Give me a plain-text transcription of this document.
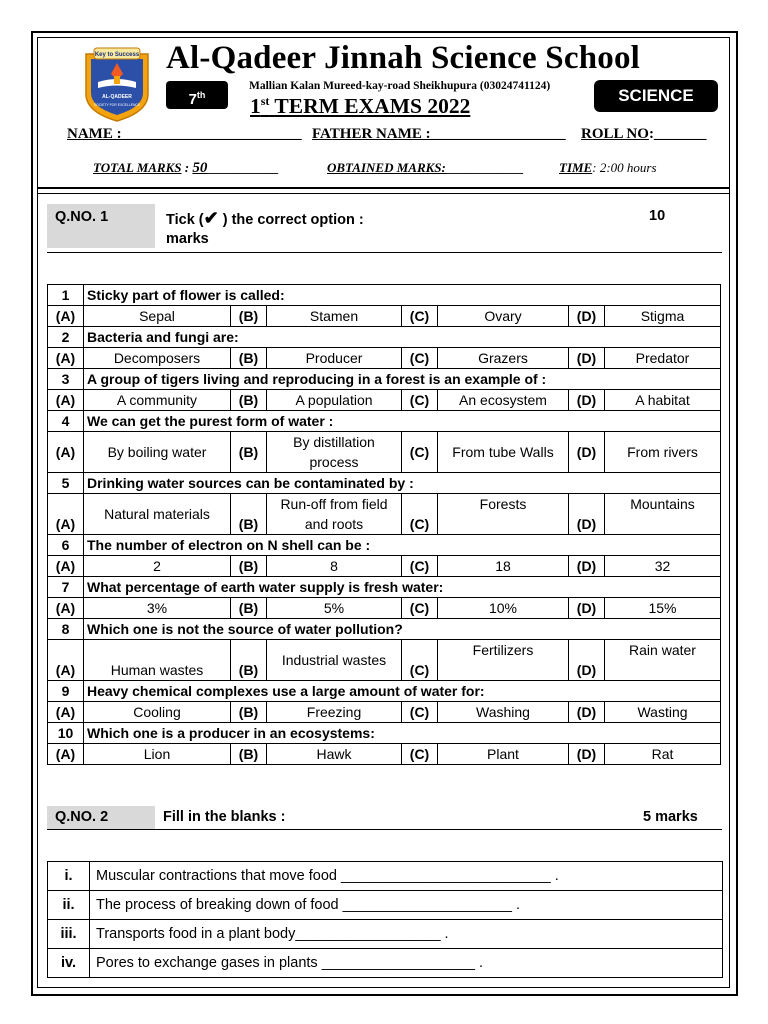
Key to Success
AL-QADEER
SOCIETY FOR EXCELLENCE
Al-Qadeer Jinnah Science School
7th
Mallian Kalan Mureed-kay-road Sheikhupura (03024741124)
1st TERM EXAMS 2022	SCIENCE
NAME :________________________ FATHER NAME :__________________ ROLL NO:_______
TOTAL MARKS : 50___________	OBTAINED MARKS:____________	TIME: 2:00 hours
Q.NO. 1	Tick (✔ ) the correct option :	10
marks
1	Sticky part of flower is called:						
(A)	Sepal	(B)	Stamen	(C)	Ovary	(D)	Stigma
2	Bacteria and fungi are:						
(A)	Decomposers	(B)	Producer	(C)	Grazers	(D)	Predator
3	A group of tigers living and reproducing in a forest is an example of :						
(A)	A community	(B)	A population	(C)	An ecosystem	(D)	A habitat
4	We can get the purest form of water :						
(A)	By boiling water	(B)	By distillation process	(C)	From tube Walls	(D)	From rivers
5	Drinking water sources can be contaminated by :						
(A)	Natural materials	(B)	Run-off from field and roots	(C)	Forests	(D)	Mountains
6	The number of electron on N shell can be :						
(A)	2	(B)	8	(C)	18	(D)	32
7	What percentage of earth water supply is fresh water:						
(A)	3%	(B)	5%	(C)	10%	(D)	15%
8	Which one is not the source of water pollution?						
(A)	Human wastes	(B)	Industrial wastes	(C)	Fertilizers	(D)	Rain water
9	Heavy chemical complexes use a large amount of water for:						
(A)	Cooling	(B)	Freezing	(C)	Washing	(D)	Wasting
10	Which one is a producer in an ecosystems:						
(A)	Lion	(B)	Hawk	(C)	Plant	(D)	Rat
Q.NO. 2	Fill in the blanks :	5 marks
i.	Muscular contractions that move food __________________________ .
ii.	The process of breaking down of food _____________________ .
iii.	Transports food in a plant body__________________ .
iv.	Pores to exchange gases in plants ___________________ .
